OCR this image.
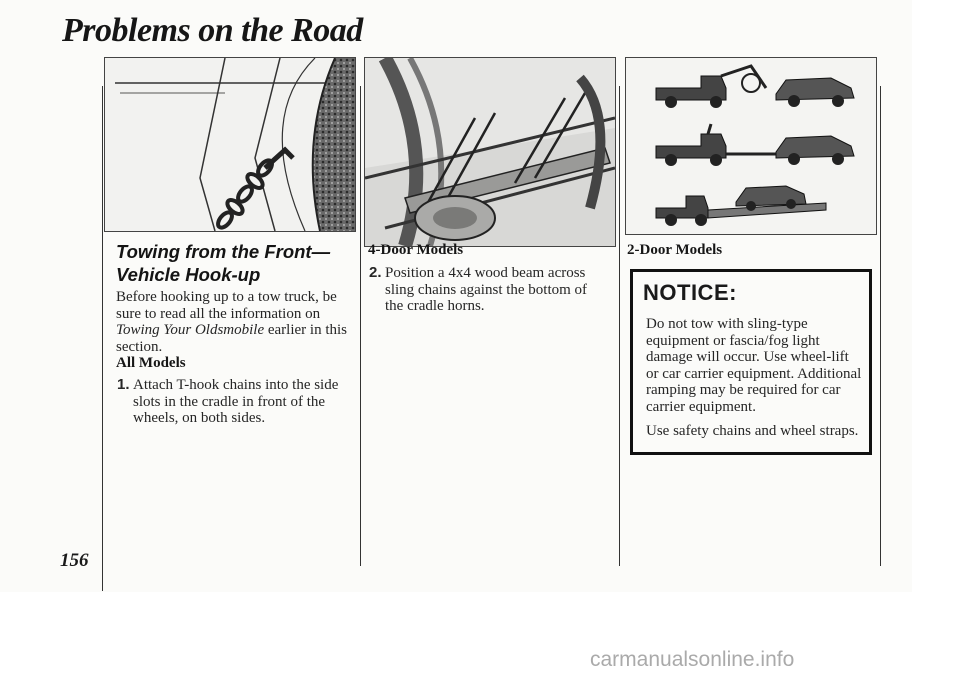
Problems on the Road
Towing from the Front—Vehicle Hook-up
Before hooking up to a tow truck, be sure to read all the information on Towing Your Oldsmobile earlier in this section.
All Models
1. Attach T-hook chains into the side slots in the cradle in front of the wheels, on both sides.
4-Door Models
2. Position a 4x4 wood beam across sling chains against the bottom of the cradle horns.
2-Door Models
NOTICE:
Do not tow with sling-type equipment or fascia/fog light damage will occur. Use wheel-lift or car carrier equipment. Additional ramping may be required for car carrier equipment.
Use safety chains and wheel straps.
156
carmanualsonline.info
